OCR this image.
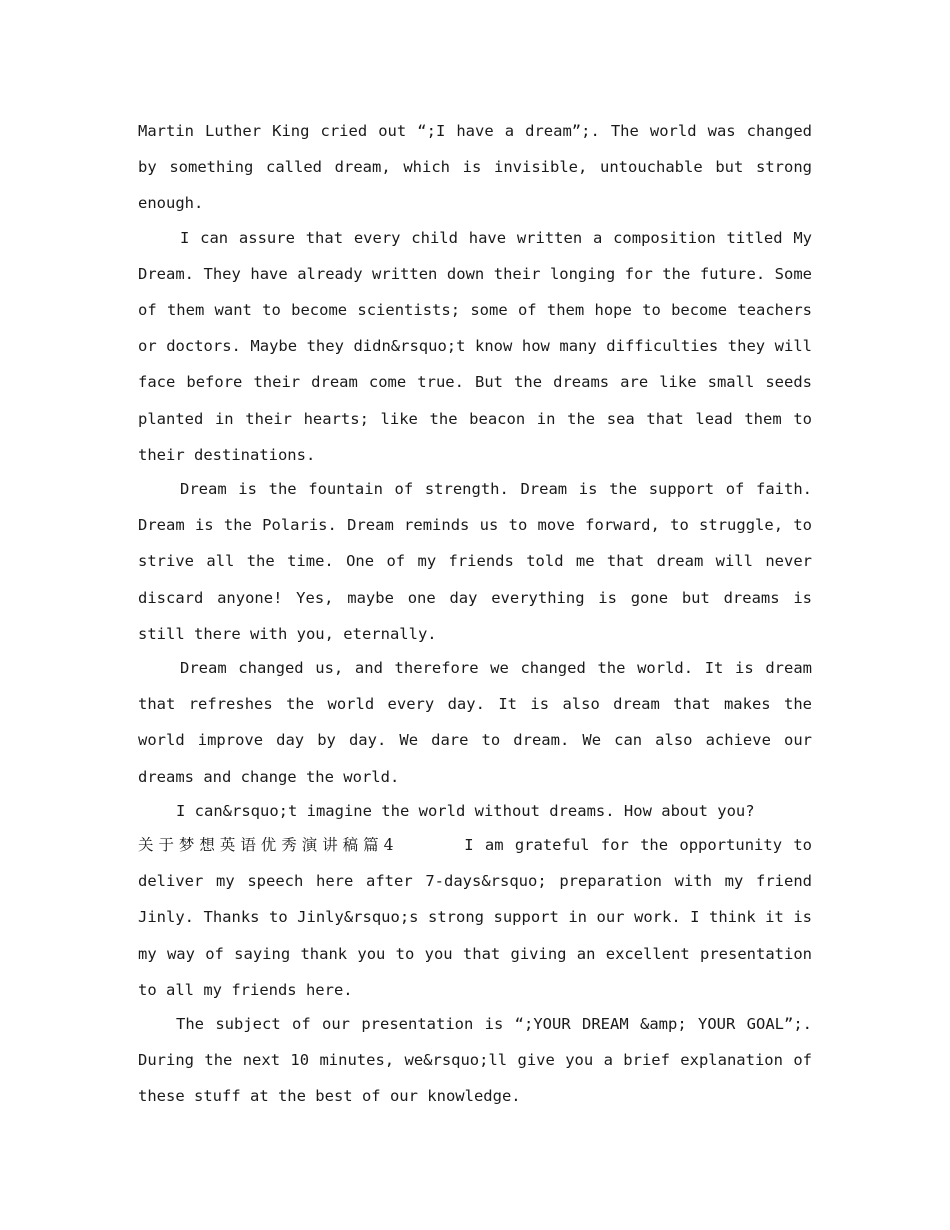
Martin Luther King cried out “;I have a dream”;. The world was changed by something called dream, which is invisible, untouchable but strong enough.

I can assure that every child have written a composition titled My Dream. They have already written down their longing for the future. Some of them want to become scientists; some of them hope to become teachers or doctors. Maybe they didn&rsquo;t know how many difficulties they will face before their dream come true. But the dreams are like small seeds planted in their hearts; like the beacon in the sea that lead them to their destinations.

Dream is the fountain of strength. Dream is the support of faith. Dream is the Polaris. Dream reminds us to move forward, to struggle, to strive all the time. One of my friends told me that dream will never discard anyone! Yes, maybe one day everything is gone but dreams is still there with you, eternally.

Dream changed us, and therefore we changed the world. It is dream that refreshes the world every day. It is also dream that makes the world improve day by day. We dare to dream. We can also achieve our dreams and change the world.

I can&rsquo;t imagine the world without dreams. How about you?

关于梦想英语优秀演讲稿篇4	I am grateful for the opportunity to deliver my speech here after 7-days&rsquo; preparation with my friend Jinly. Thanks to Jinly&rsquo;s strong support in our work. I think it is my way of saying thank you to you that giving an excellent presentation to all my friends here.

The subject of our presentation is “;YOUR DREAM &amp; YOUR GOAL”;. During the next 10 minutes, we&rsquo;ll give you a brief explanation of these stuff at the best of our knowledge.
